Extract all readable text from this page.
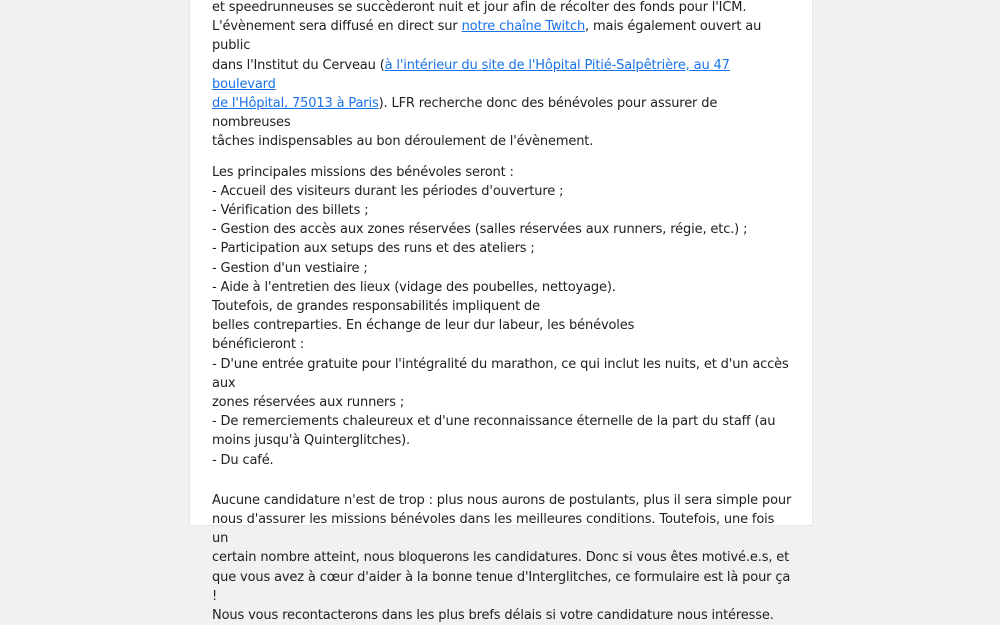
et speedrunneuses se succèderont nuit et jour afin de récolter des fonds pour l'ICM.

L'évènement sera diffusé en direct sur notre chaîne Twitch, mais également ouvert au public

dans l'Institut du Cerveau (à l'intérieur du site de l'Hôpital Pitié-Salpêtrière, au 47 boulevard

de l'Hôpital, 75013 à Paris). LFR recherche donc des bénévoles pour assurer de nombreuses

tâches indispensables au bon déroulement de l'évènement.

Les principales missions des bénévoles seront :

- Accueil des visiteurs durant les périodes d'ouverture ;

- Vérification des billets ;

- Gestion des accès aux zones réservées (salles réservées aux runners, régie, etc.) ;

- Participation aux setups des runs et des ateliers ;

- Gestion d'un vestiaire ;

- Aide à l'entretien des lieux (vidage des poubelles, nettoyage).

Toutefois, de grandes responsabilités impliquent de

belles contreparties. En échange de leur dur labeur, les bénévoles

bénéficieront :

- D'une entrée gratuite pour l'intégralité du marathon, ce qui inclut les nuits, et d'un accès aux

zones réservées aux runners ;

- De remerciements chaleureux et d'une reconnaissance éternelle de la part du staff (au

moins jusqu'à Quinterglitches).

- Du café.

Aucune candidature n'est de trop : plus nous aurons de postulants, plus il sera simple pour

nous d'assurer les missions bénévoles dans les meilleures conditions. Toutefois, une fois un

certain nombre atteint, nous bloquerons les candidatures. Donc si vous êtes motivé.e.s, et

que vous avez à cœur d'aider à la bonne tenue d'Interglitches, ce formulaire est là pour ça !

Nous vous recontacterons dans les plus brefs délais si votre candidature nous intéresse.
